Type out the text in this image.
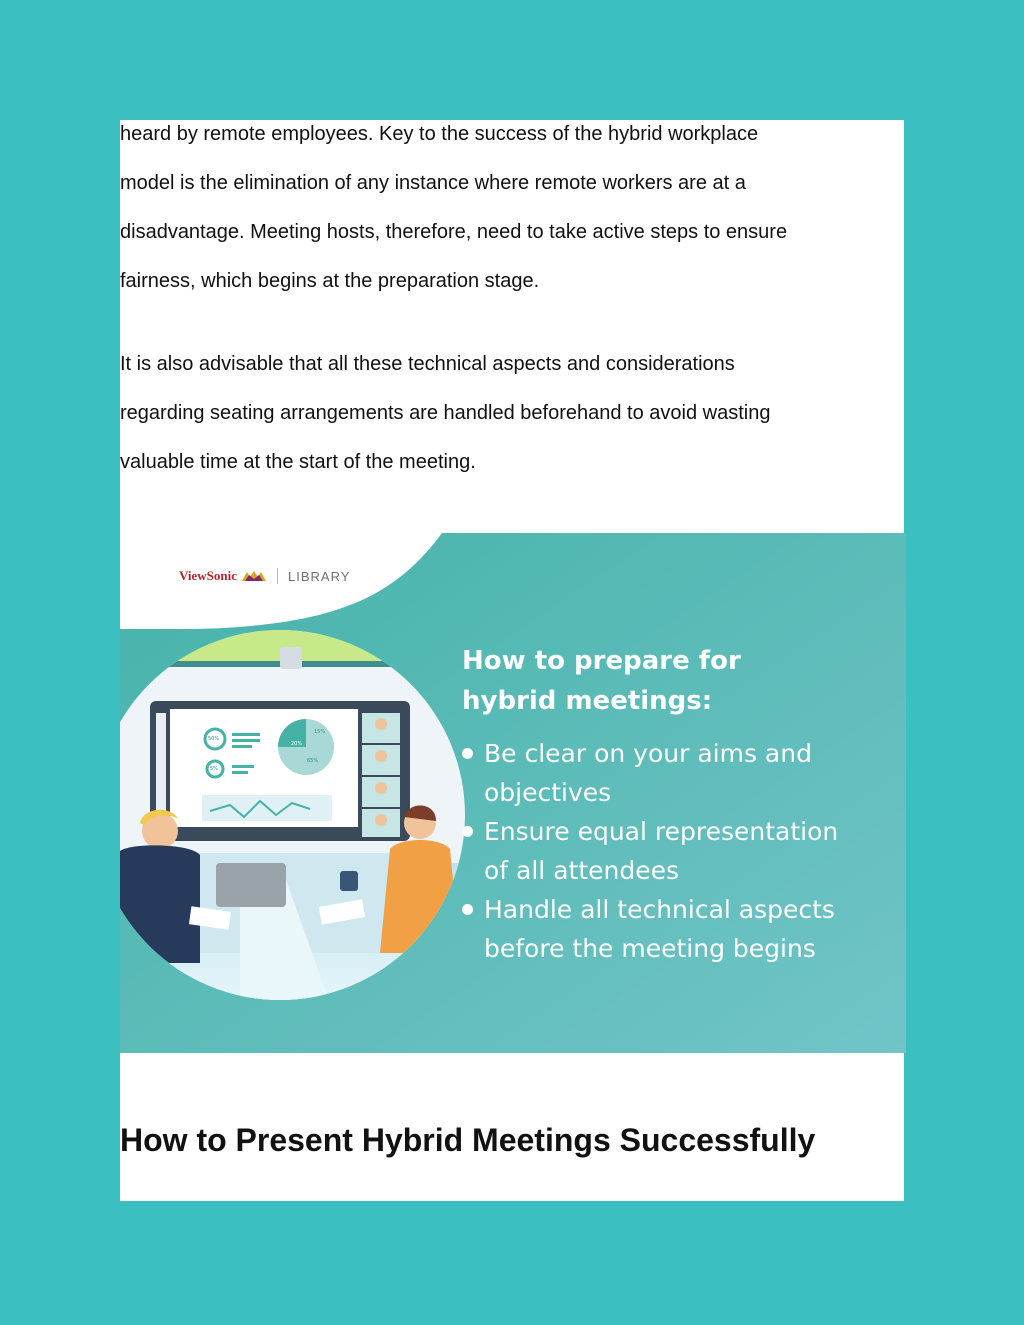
heard by remote employees. Key to the success of the hybrid workplace
model is the elimination of any instance where remote workers are at a
disadvantage. Meeting hosts, therefore, need to take active steps to ensure
fairness, which begins at the preparation stage.

It is also advisable that all these technical aspects and considerations
regarding seating arrangements are handled beforehand to avoid wasting
valuable time at the start of the meeting.

ViewSonic	LIBRARY
How to prepare for
hybrid meetings:
Be clear on your aims and
objectives
Ensure equal representation
of all attendees
Handle all technical aspects
before the meeting begins
50%
5%
20%
65%
15%
How to Present Hybrid Meetings Successfully
